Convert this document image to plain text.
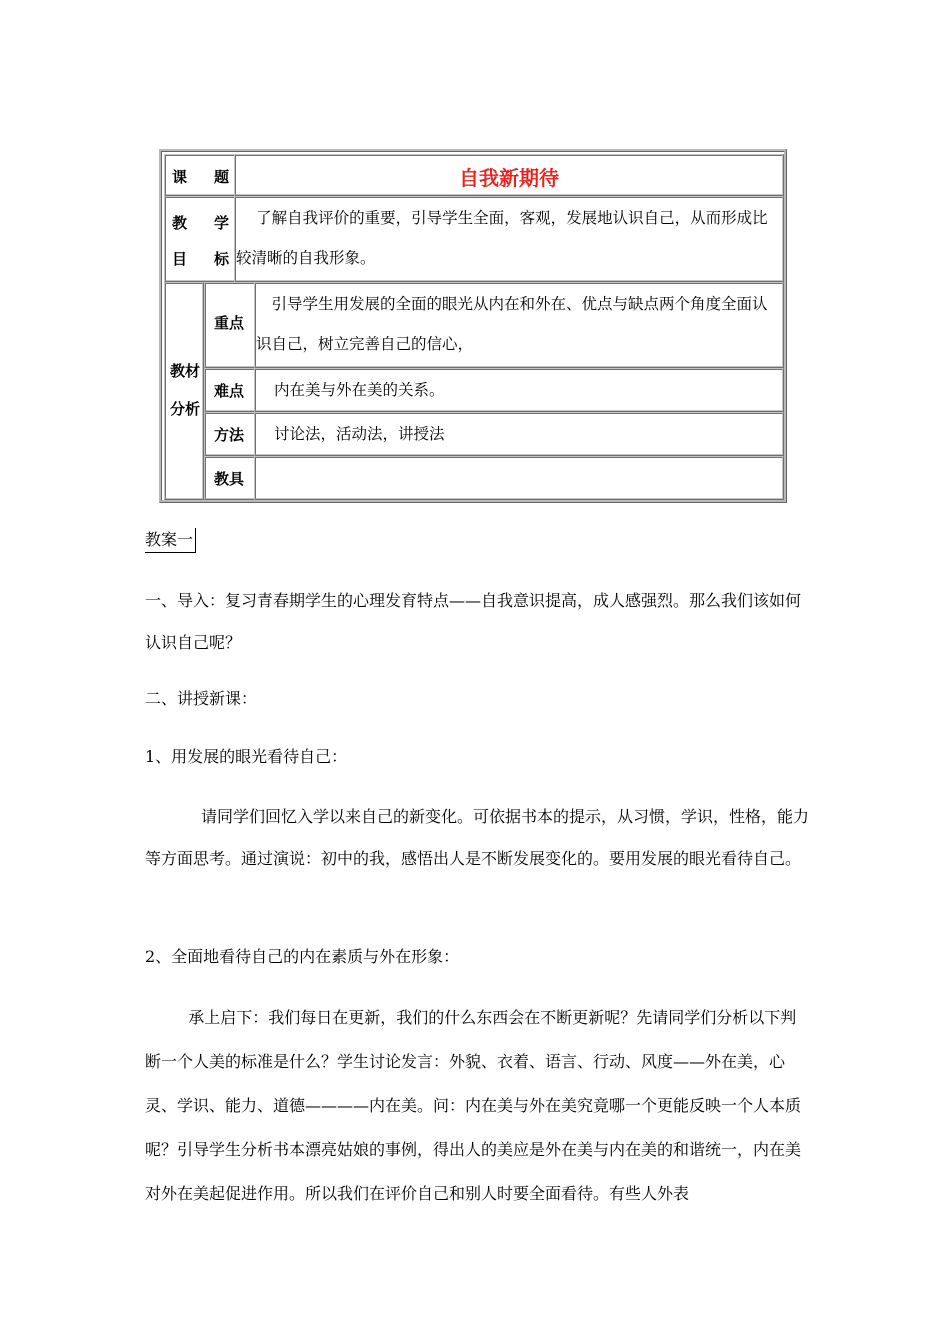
课 题	自我新期待
教 学
目 标
了解自我评价的重要，引导学生全面，客观，发展地认识自己，从而形成比较清晰的自我形象。
教材
分析
重点
引导学生用发展的全面的眼光从内在和外在、优点与缺点两个角度全面认识自己，树立完善自己的信心，
难点 内在美与外在美的关系。
方法 讨论法，活动法，讲授法
教具
教案一
一、导入：复习青春期学生的心理发育特点——自我意识提高，成人感强烈。那么我们该如何认识自己呢？
二、讲授新课：
1、用发展的眼光看待自己：
请同学们回忆入学以来自己的新变化。可依据书本的提示，从习惯，学识，性格，能力等方面思考。通过演说：初中的我，感悟出人是不断发展变化的。要用发展的眼光看待自己。
2、全面地看待自己的内在素质与外在形象：
承上启下：我们每日在更新，我们的什么东西会在不断更新呢？先请同学们分析以下判断一个人美的标准是什么？学生讨论发言：外貌、衣着、语言、行动、风度——外在美，心灵、学识、能力、道德————内在美。问：内在美与外在美究竟哪一个更能反映一个人本质呢？引导学生分析书本漂亮姑娘的事例，得出人的美应是外在美与内在美的和谐统一，内在美对外在美起促进作用。所以我们在评价自己和别人时要全面看待。有些人外表
